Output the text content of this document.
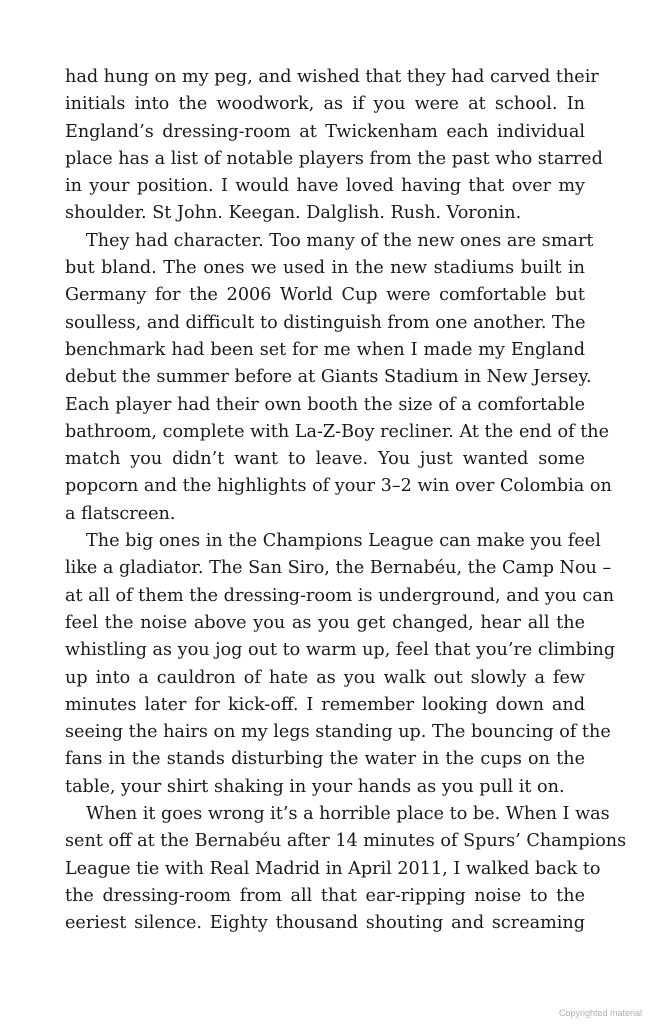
had hung on my peg, and wished that they had carved their
initials into the woodwork, as if you were at school. In
England’s dressing-room at Twickenham each individual
place has a list of notable players from the past who starred
in your position. I would have loved having that over my
shoulder. St John. Keegan. Dalglish. Rush. Voronin.

They had character. Too many of the new ones are smart
but bland. The ones we used in the new stadiums built in
Germany for the 2006 World Cup were comfortable but
soulless, and difficult to distinguish from one another. The
benchmark had been set for me when I made my England
debut the summer before at Giants Stadium in New Jersey.
Each player had their own booth the size of a comfortable
bathroom, complete with La-Z-Boy recliner. At the end of the
match you didn’t want to leave. You just wanted some
popcorn and the highlights of your 3–2 win over Colombia on
a flatscreen.

The big ones in the Champions League can make you feel
like a gladiator. The San Siro, the Bernabéu, the Camp Nou –
at all of them the dressing-room is underground, and you can
feel the noise above you as you get changed, hear all the
whistling as you jog out to warm up, feel that you’re climbing
up into a cauldron of hate as you walk out slowly a few
minutes later for kick-off. I remember looking down and
seeing the hairs on my legs standing up. The bouncing of the
fans in the stands disturbing the water in the cups on the
table, your shirt shaking in your hands as you pull it on.

When it goes wrong it’s a horrible place to be. When I was
sent off at the Bernabéu after 14 minutes of Spurs’ Champions
League tie with Real Madrid in April 2011, I walked back to
the dressing-room from all that ear-ripping noise to the
eeriest silence. Eighty thousand shouting and screaming

Copyrighted material
